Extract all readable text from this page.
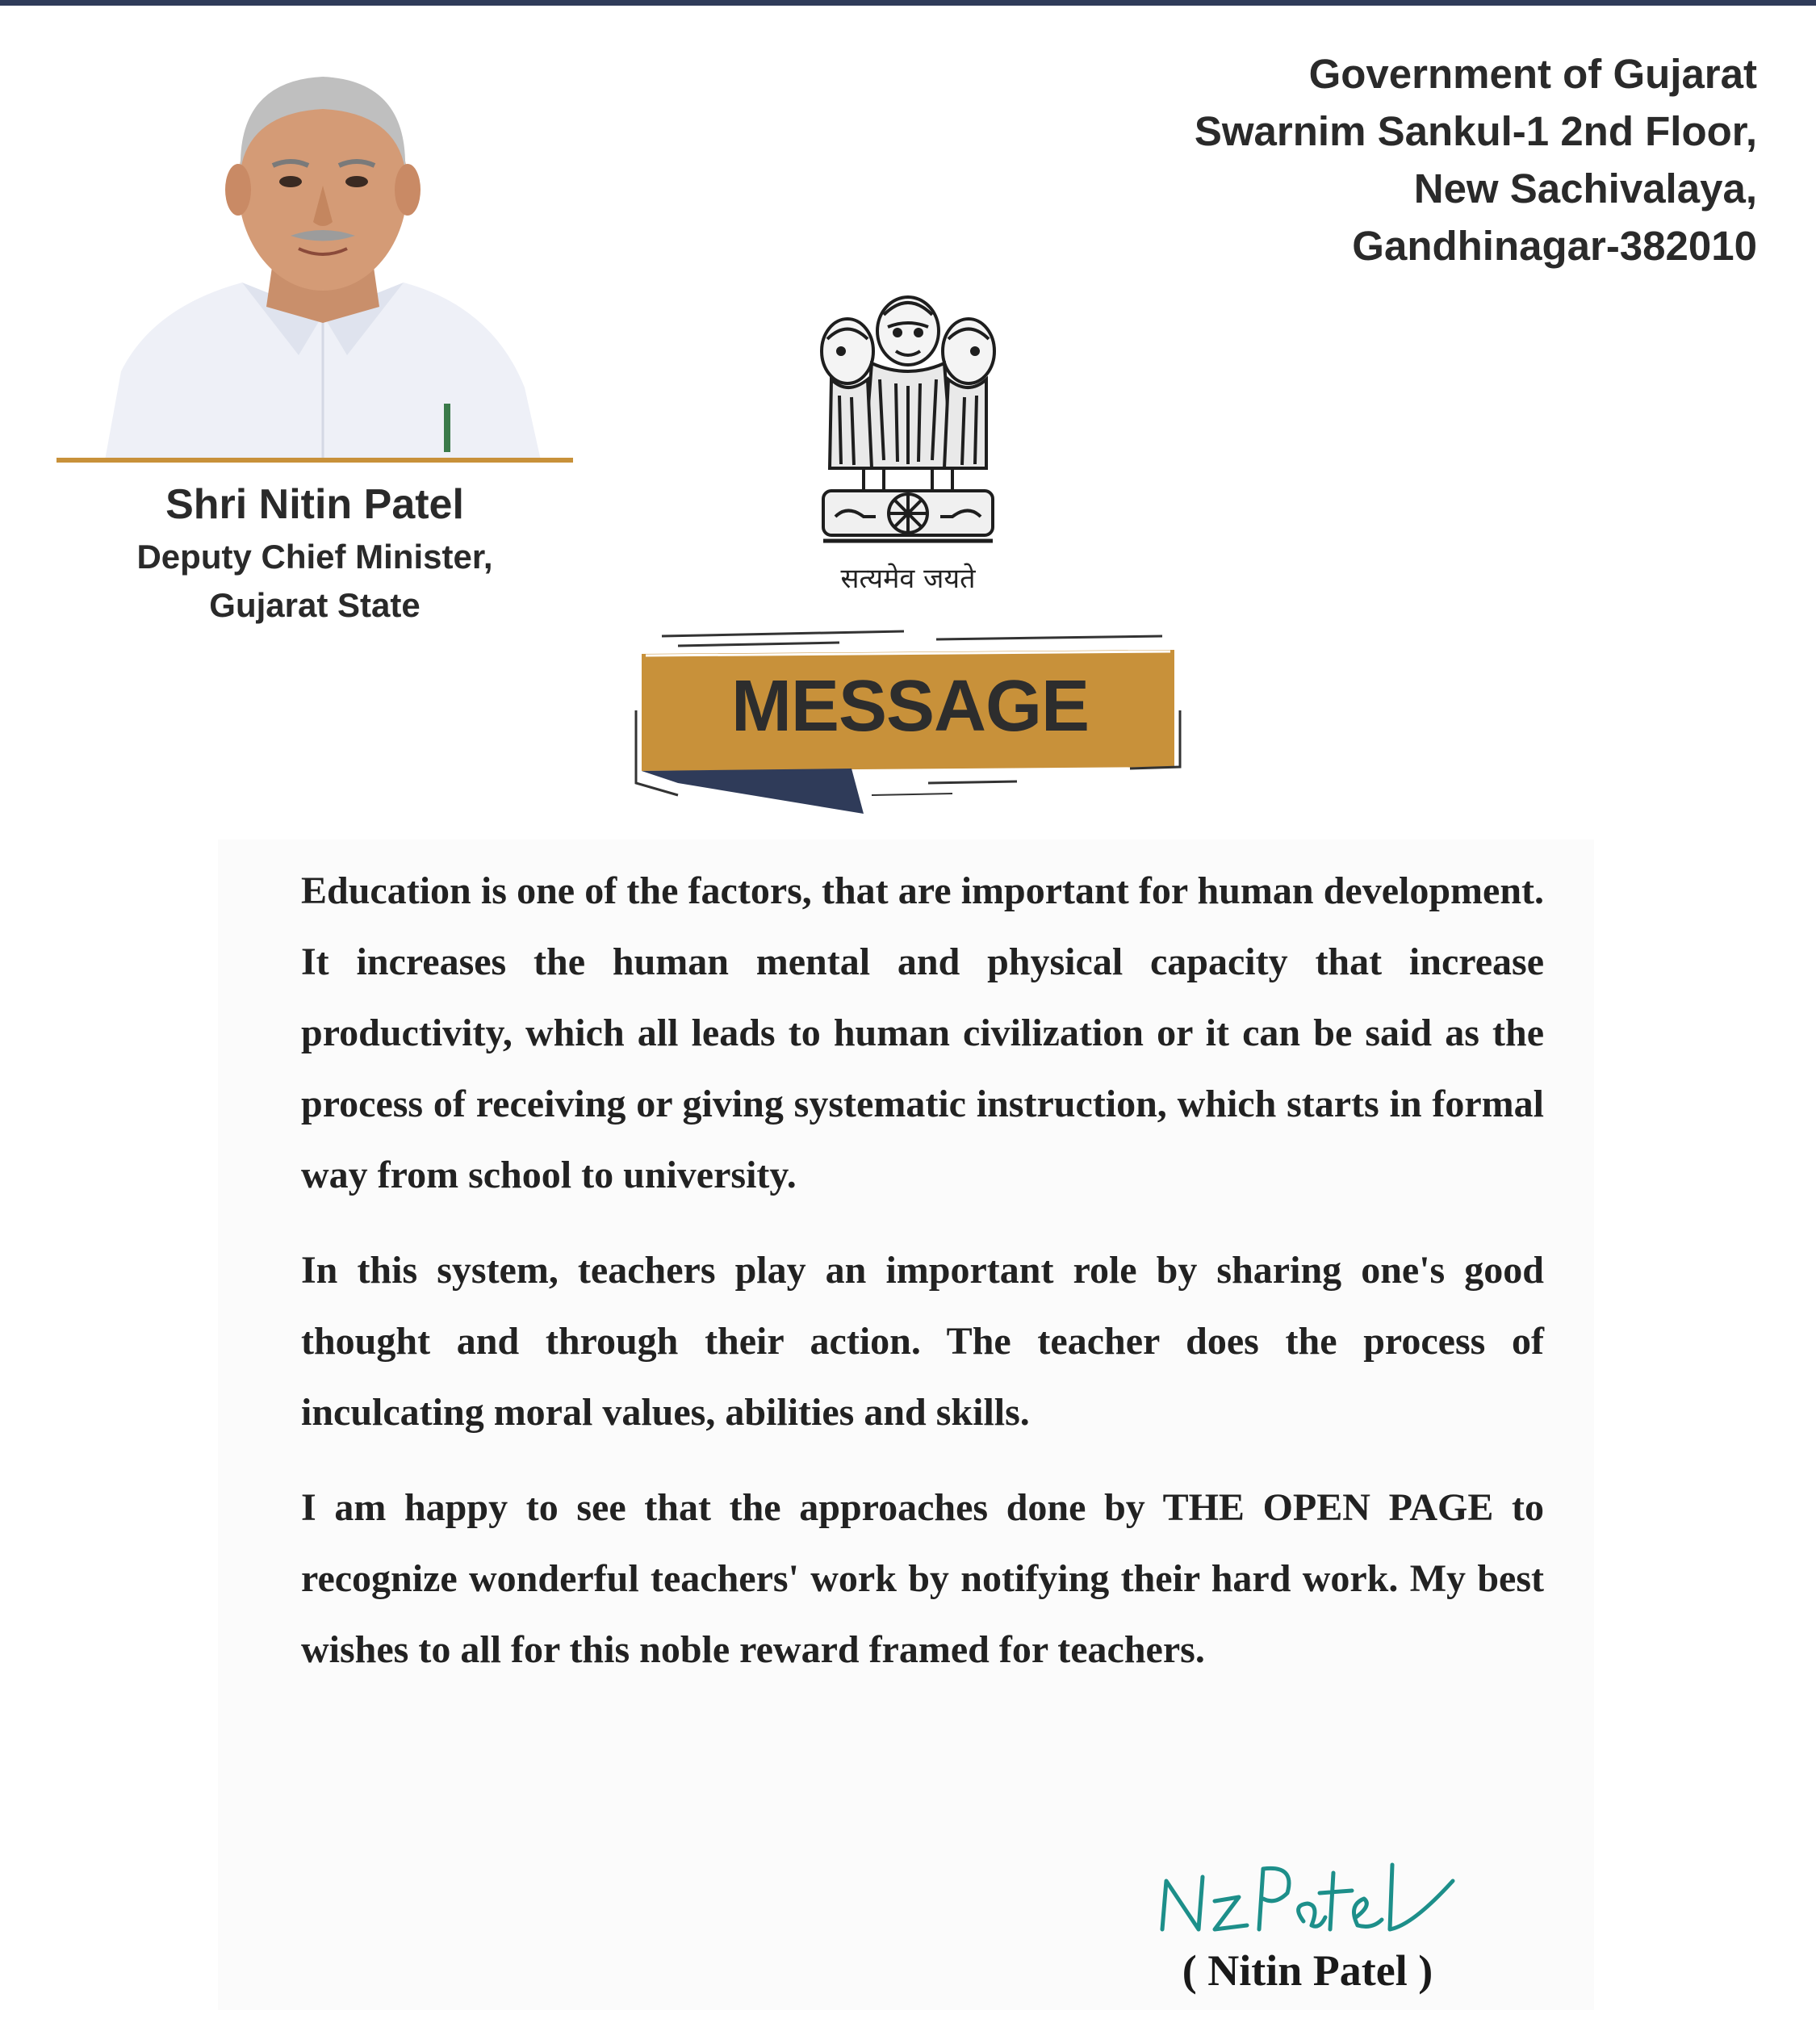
Shri Nitin Patel
Deputy Chief Minister,
Gujarat State
Government of Gujarat
Swarnim Sankul-1 2nd Floor,
New Sachivalaya,
Gandhinagar-382010
सत्यमेव जयते
MESSAGE

Education is one of the factors, that are important for human development. It increases the human mental and physical capacity that increase productivity, which all leads to human civilization or it can be said as the process of receiving or giving systematic instruction, which starts in formal way from school to university.

In this system, teachers play an important role by sharing one's good thought and through their action. The teacher does the process of inculcating moral values, abilities and skills.

I am happy to see that the approaches done by THE OPEN PAGE to recognize wonderful teachers' work by notifying their hard work. My best wishes to all for this noble reward framed for teachers.

( Nitin Patel )
